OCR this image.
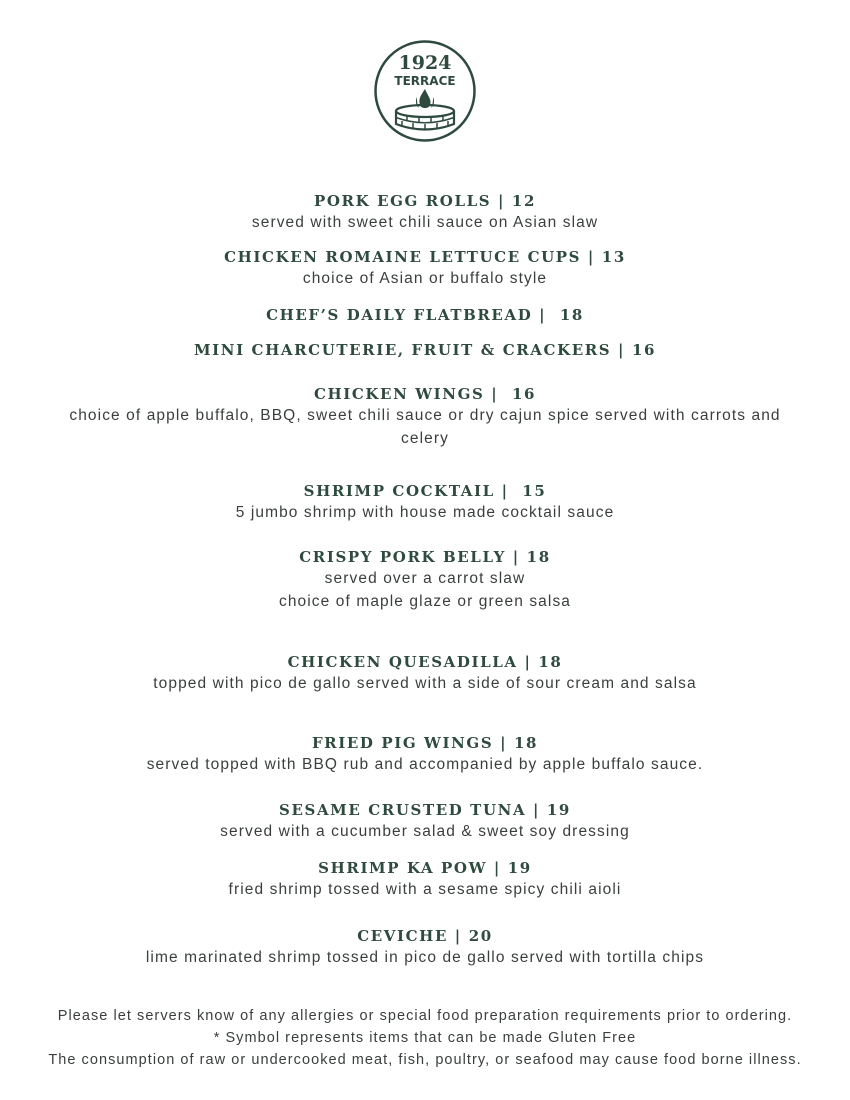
1924
TERRACE
PORK EGG ROLLS | 12
served with sweet chili sauce on Asian slaw
CHICKEN ROMAINE LETTUCE CUPS | 13
choice of Asian or buffalo style
CHEF’S DAILY FLATBREAD |  18
MINI CHARCUTERIE, FRUIT & CRACKERS | 16
CHICKEN WINGS |  16
choice of apple buffalo, BBQ, sweet chili sauce or dry cajun spice served with carrots and celery
SHRIMP COCKTAIL |  15
5 jumbo shrimp with house made cocktail sauce
CRISPY PORK BELLY | 18
served over a carrot slaw
choice of maple glaze or green salsa
CHICKEN QUESADILLA | 18
topped with pico de gallo served with a side of sour cream and salsa
FRIED PIG WINGS | 18
served topped with BBQ rub and accompanied by apple buffalo sauce.
SESAME CRUSTED TUNA | 19
served with a cucumber salad & sweet soy dressing
SHRIMP KA POW | 19
fried shrimp tossed with a sesame spicy chili aioli
CEVICHE | 20
lime marinated shrimp tossed in pico de gallo served with tortilla chips
Please let servers know of any allergies or special food preparation requirements prior to ordering.
* Symbol represents items that can be made Gluten Free
The consumption of raw or undercooked meat, fish, poultry, or seafood may cause food borne illness.
